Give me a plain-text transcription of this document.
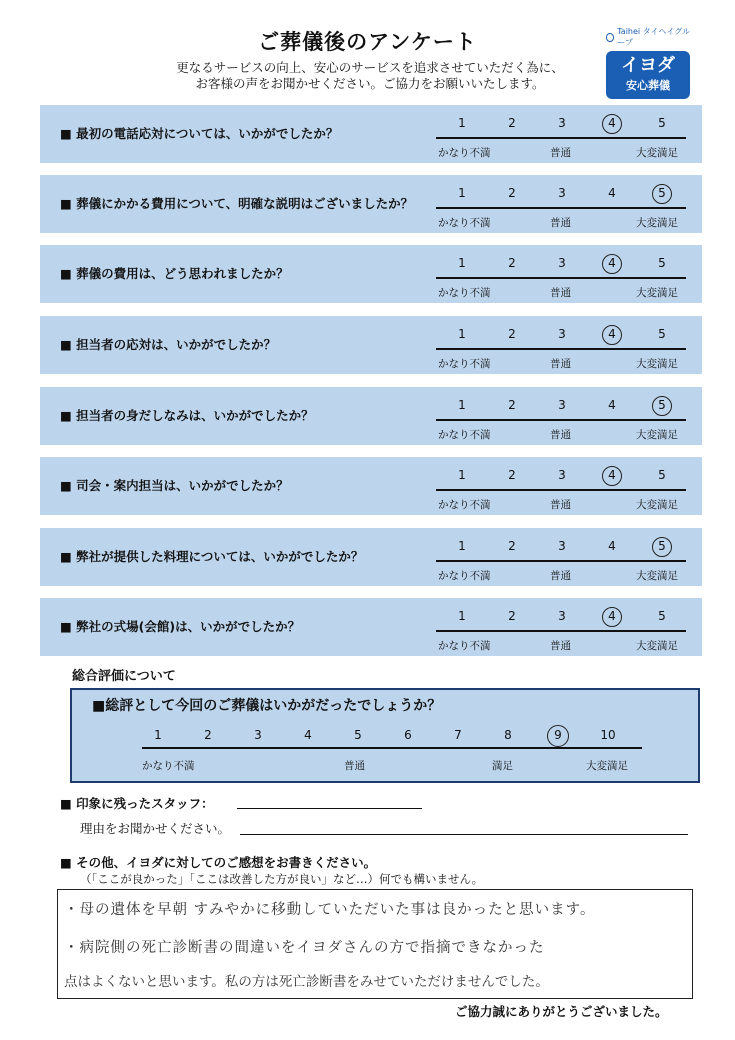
ご葬儀後のアンケート
更なるサービスの向上、安心のサービスを追求させていただく為に、
お客様の声をお聞かせください。ご協力をお願いいたします。
Taihei タイヘイグループ
イヨダ
安心葬儀
■ 最初の電話応対については、いかがでしたか？
1	2	3	4	5
かなり不満	普通	大変満足
■ 葬儀にかかる費用について、明確な説明はございましたか？
1	2	3	4	5
かなり不満	普通	大変満足
■ 葬儀の費用は、どう思われましたか？
1	2	3	4	5
かなり不満	普通	大変満足
■ 担当者の応対は、いかがでしたか？
1	2	3	4	5
かなり不満	普通	大変満足
■ 担当者の身だしなみは、いかがでしたか？
1	2	3	4	5
かなり不満	普通	大変満足
■ 司会・案内担当は、いかがでしたか？
1	2	3	4	5
かなり不満	普通	大変満足
■ 弊社が提供した料理については、いかがでしたか？
1	2	3	4	5
かなり不満	普通	大変満足
■ 弊社の式場(会館)は、いかがでしたか？
1	2	3	4	5
かなり不満	普通	大変満足
総合評価について
■総評として今回のご葬儀はいかがだったでしょうか？
1	2	3	4	5	6	7	8	9	10
かなり不満	普通	満足	大変満足
■ 印象に残ったスタッフ：
理由をお聞かせください。
■ その他、イヨダに対してのご感想をお書きください。
（「ここが良かった」「ここは改善した方が良い」など…）何でも構いません。
・母の遺体を早朝 すみやかに移動していただいた事は良かったと思います。
・病院側の死亡診断書の間違いをイヨダさんの方で指摘できなかった
点はよくないと思います。私の方は死亡診断書をみせていただけませんでした。
ご協力誠にありがとうございました。
